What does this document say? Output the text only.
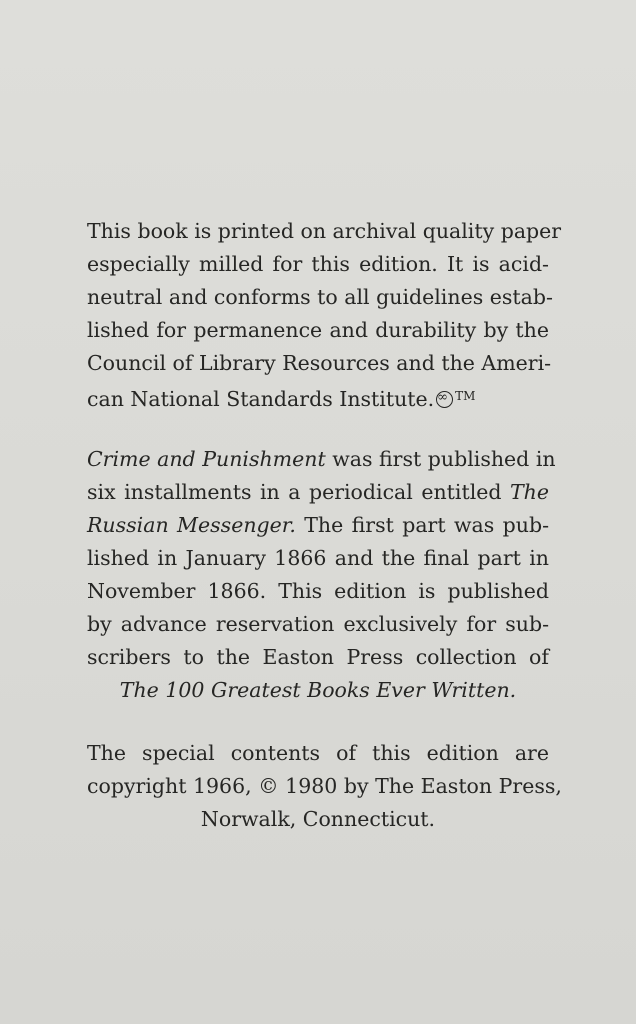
This book is printed on archival quality paper
especially milled for this edition. It is acid-
neutral and conforms to all guidelines estab-
lished for permanence and durability by the
Council of Library Resources and the Ameri-
can National Standards Institute.∞ ™
Crime and Punishment was first published in
six installments in a periodical entitled The
Russian Messenger. The first part was pub-
lished in January 1866 and the final part in
November 1866. This edition is published
by advance reservation exclusively for sub-
scribers to the Easton Press collection of
The 100 Greatest Books Ever Written.
The special contents of this edition are
copyright 1966, © 1980 by The Easton Press,
Norwalk, Connecticut.
